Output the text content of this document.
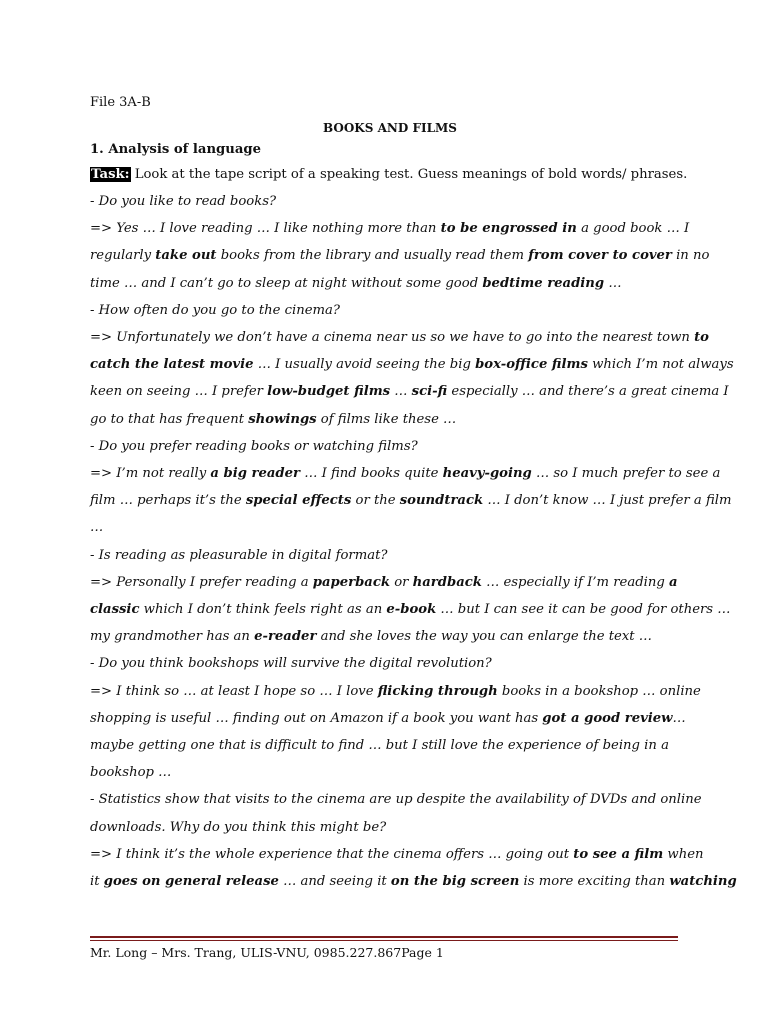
File 3A-B
BOOKS AND FILMS
1. Analysis of language
Task: Look at the tape script of a speaking test. Guess meanings of bold words/ phrases.
- Do you like to read books?
=> Yes … I love reading … I like nothing more than to be engrossed in a good book … I
regularly take out books from the library and usually read them from cover to cover in no
time … and I can’t go to sleep at night without some good bedtime reading …
- How often do you go to the cinema?
=> Unfortunately we don’t have a cinema near us so we have to go into the nearest town to
catch the latest movie … I usually avoid seeing the big box-office films which I’m not always
keen on seeing … I prefer low-budget films … sci-fi especially … and there’s a great cinema I
go to that has frequent showings of films like these …
- Do you prefer reading books or watching films?
=> I’m not really a big reader … I find books quite heavy-going … so I much prefer to see a
film … perhaps it’s the special effects or the soundtrack … I don’t know … I just prefer a film
…
- Is reading as pleasurable in digital format?
=> Personally I prefer reading a paperback or hardback … especially if I’m reading a
classic which I don’t think feels right as an e-book … but I can see it can be good for others …
my grandmother has an e-reader and she loves the way you can enlarge the text …
- Do you think bookshops will survive the digital revolution?
=> I think so … at least I hope so … I love flicking through books in a bookshop … online
shopping is useful … finding out on Amazon if a book you want has got a good review…
maybe getting one that is difficult to find … but I still love the experience of being in a
bookshop …
- Statistics show that visits to the cinema are up despite the availability of DVDs and online
downloads. Why do you think this might be?
=> I think it’s the whole experience that the cinema offers … going out to see a film when
it goes on general release … and seeing it on the big screen is more exciting than watching
Mr. Long – Mrs. Trang, ULIS-VNU, 0985.227.867Page 1
